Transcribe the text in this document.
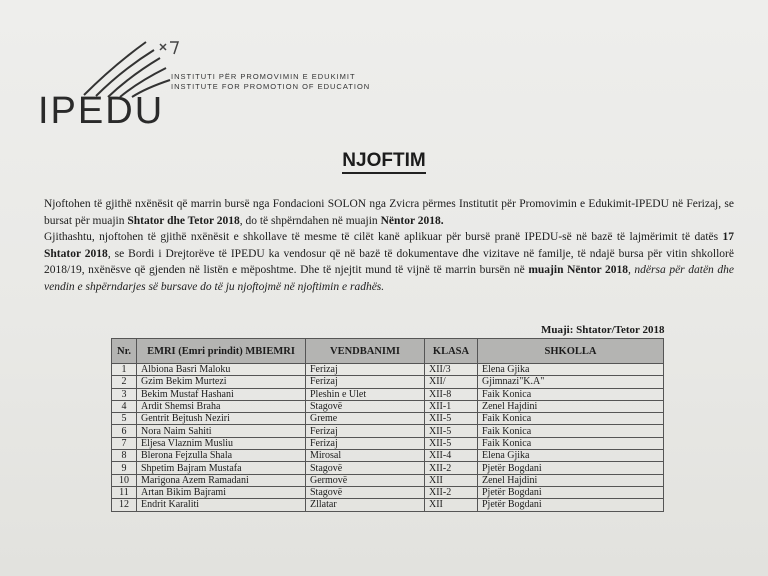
IPEDU
INSTITUTI PËR PROMOVIMIN E EDUKIMIT
INSTITUTE FOR PROMOTION OF EDUCATION
NJOFTIM

Njoftohen të gjithë nxënësit që marrin bursë nga Fondacioni SOLON nga Zvicra përmes Institutit për Promovimin e Edukimit-IPEDU në Ferizaj, se bursat për muajin Shtator dhe Tetor 2018, do të shpërndahen në muajin Nëntor 2018.

Gjithashtu, njoftohen të gjithë nxënësit e shkollave të mesme të cilët kanë aplikuar për bursë pranë IPEDU-së në bazë të lajmërimit të datës 17 Shtator 2018, se Bordi i Drejtorëve të IPEDU ka vendosur që në bazë të dokumentave dhe vizitave në familje, të ndajë bursa për vitin shkollorë 2018/19, nxënësve që gjenden në listën e mëposhtme. Dhe të njejtit mund të vijnë të marrin bursën në muajin Nëntor 2018, ndërsa për datën dhe vendin e shpërndarjes së bursave do të ju njoftojmë në njoftimin e radhës.

Muaji: Shtator/Tetor 2018
Nr.	EMRI (Emri prindit) MBIEMRI	VENDBANIMI	KLASA	SHKOLLA
1	Albiona Basri Maloku	Ferizaj	XII/3	Elena Gjika
2	Gzim Bekim Murtezi	Ferizaj	XII/	Gjimnazi"K.A"
3	Bekim Mustaf Hashani	Pleshin e Ulet	XII-8	Faik Konica
4	Ardit Shemsi Braha	Stagovë	XII-1	Zenel Hajdini
5	Gentrit Bejtush Neziri	Greme	XII-5	Faik Konica
6	Nora Naim Sahiti	Ferizaj	XII-5	Faik Konica
7	Eljesa Vlaznim Musliu	Ferizaj	XII-5	Faik Konica
8	Blerona Fejzulla Shala	Mirosal	XII-4	Elena Gjika
9	Shpetim Bajram Mustafa	Stagovë	XII-2	Pjetër Bogdani
10	Marigona Azem Ramadani	Germovë	XII	Zenel Hajdini
11	Artan Bikim Bajrami	Stagovë	XII-2	Pjetër Bogdani
12	Endrit Karaliti	Zllatar	XII	Pjetër Bogdani
